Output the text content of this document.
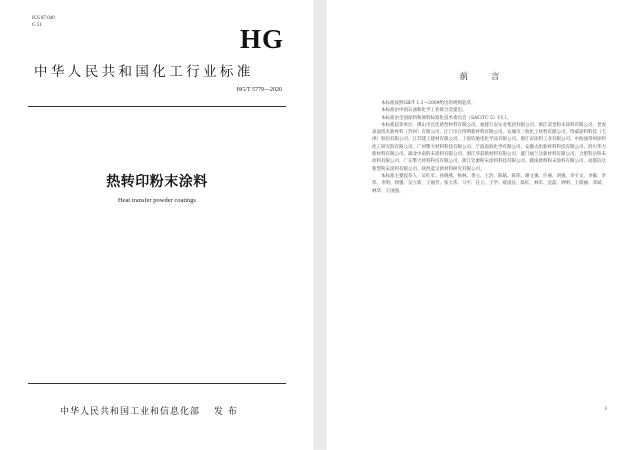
ICS 87.040
G 51	HG
中华人民共和国化工行业标准
HG/T 5779—2020
热转印粉末涂料
Heat transfer powder coatings
中华人民共和国工业和信息化部 发 布
前 言

本标准按照GB/T 1.1—2009给出的规则起草。

本标准由中国石油和化学工业联合会提出。

本标准由全国涂料和颜料标准化技术委员会（SAC/TC 5）归口。

本标准起草单位：佛山市宜化新型材料有限公司、福建万安实业集团有限公司、浙江双金粉末涂料有限公司、老虎表面技术新材料（苏州）有限公司、江门市百得利新材料有限公司、宣城市三收化工材料有限公司、得威涂料科技（天津）股份有限公司、江苏建工建材有限公司、上海钧驰电化学品有限公司、浙江省涂料工业有限公司、中海油常州涂料化工研究院有限公司、广州擎天材料科技有限公司、宁波南海化学有限公司、安徽火炬新材料科技有限公司、四川华力新材料有限公司、湖北中南粉末涂料有限公司、浙江华彩新材料有限公司、厦门福兰达新材料有限公司、合肥科岳粉末涂料有限公司、广东擎天材料科技有限公司、浙江宏源粉末涂料科技有限公司、鹤岗新辉粉末涂料有限公司、成都信达新型粉末涂料有限公司、陕西蓝宝新材料研究有限公司。

本标准主要起草人：吴红军、孙晓燕、杨林、黄立、王浩、陈斌、陈伟、谢文强、许丽、刘强、李宇文、李敏、李伟、李明、郭强、吴立新、王丽芳、张大伟、马平、任立、王学、蔡国良、陈红、林军、沈磊、钟明、王瑞丽、邓斌、林华、王国强。

I
